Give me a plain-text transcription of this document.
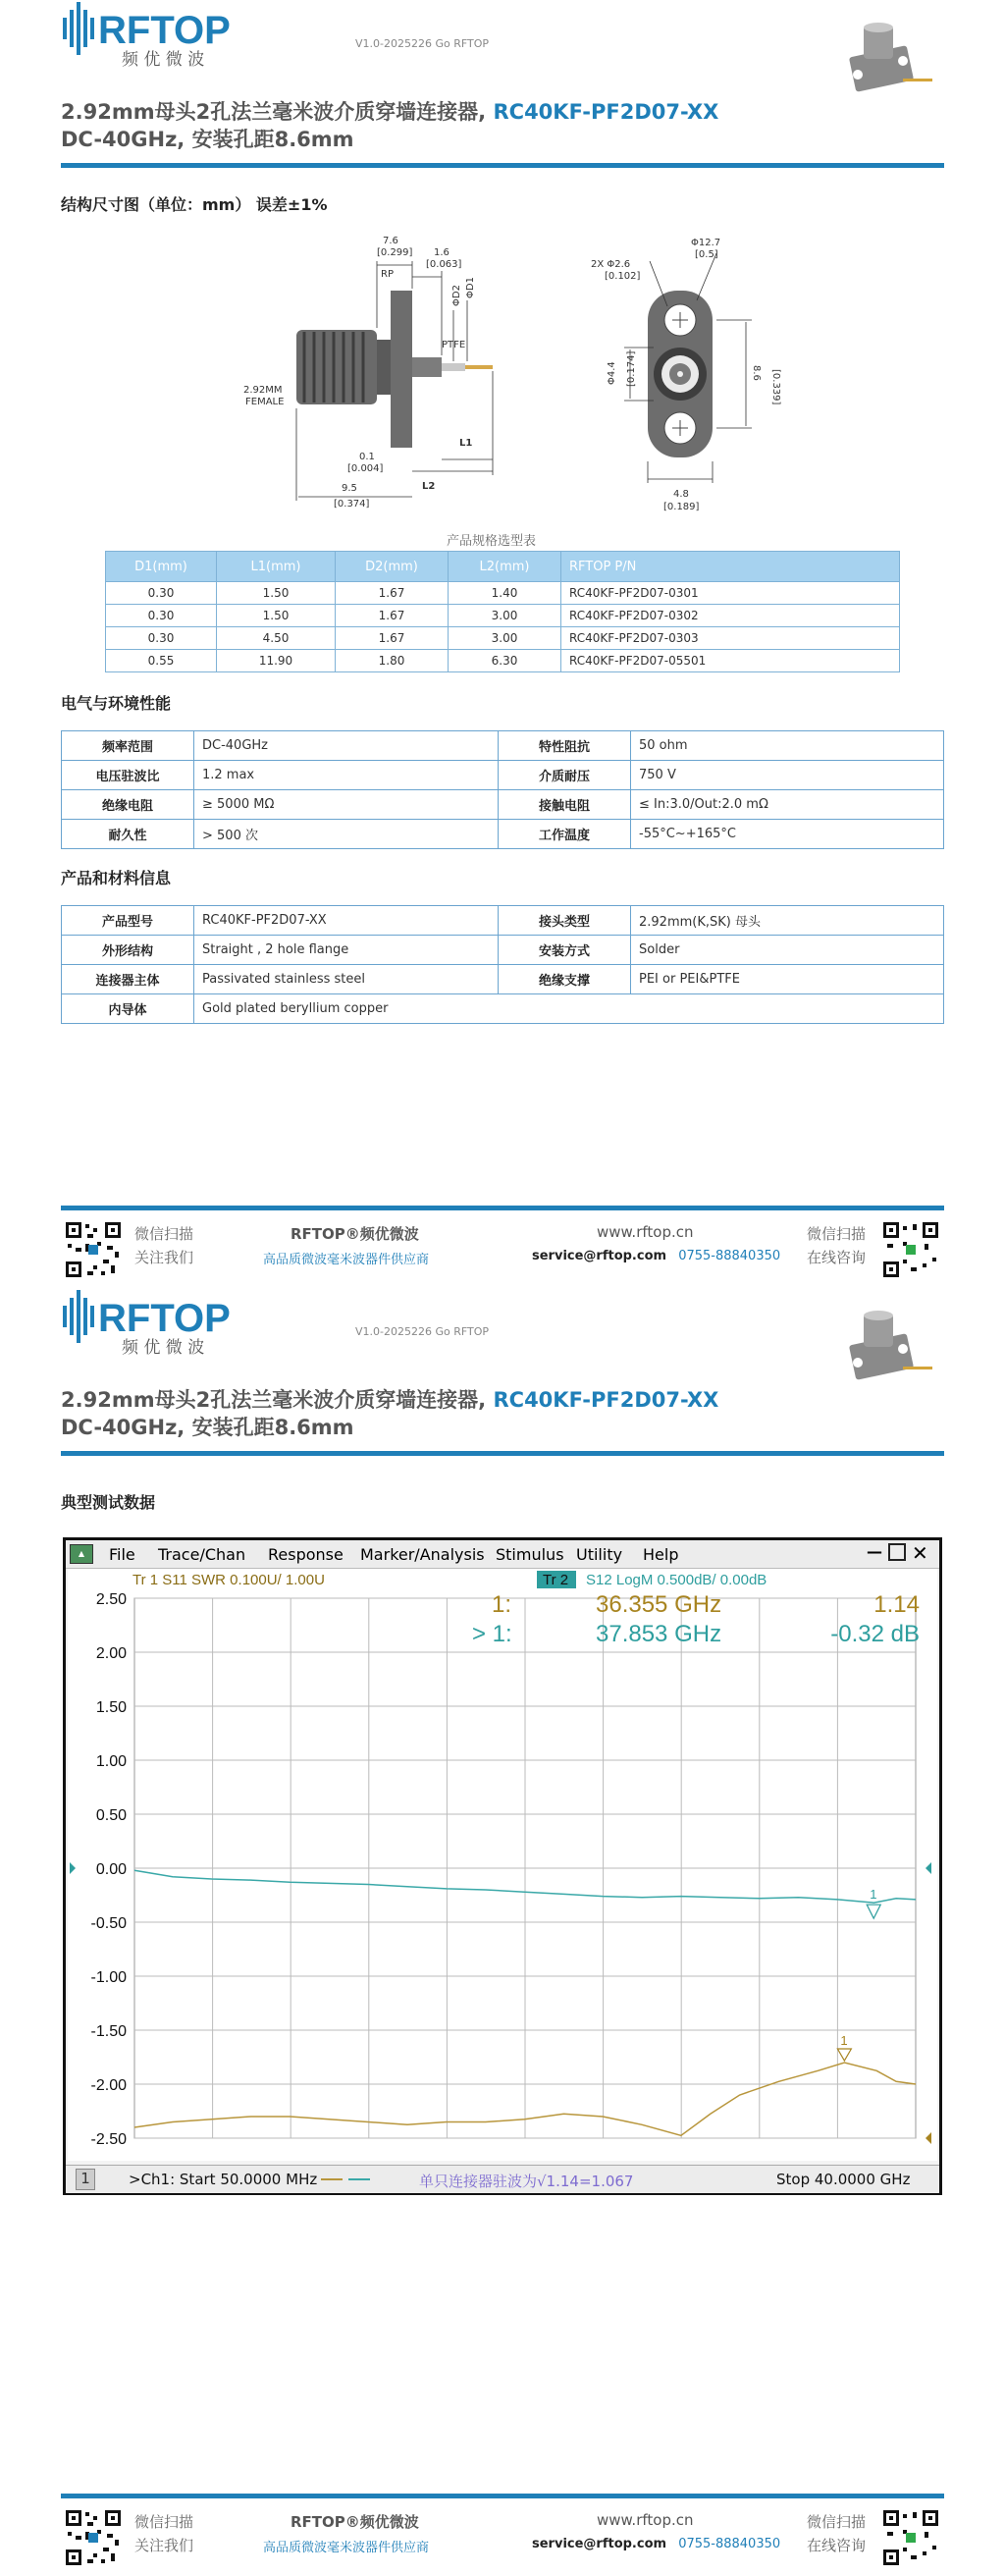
RFTOP
频 优 微 波
V1.0-2025226 Go RFTOP
2.92mm母头2孔法兰毫米波介质穿墙连接器, RC40KF-PF2D07-XX
DC-40GHz, 安装孔距8.6mm
结构尺寸图（单位：mm） 误差±1%
7.6
[0.299]
RP
1.6
[0.063]
ΦD2 ΦD1
PTFE
2.92MM
FEMALE
L1
0.1
[0.004]
L2
9.5
[0.374]
2X Φ2.6
[0.102]
Φ12.7
[0.5]
Φ4.4 [0.174]	8.6 [0.339]
4.8
[0.189]
产品规格选型表
D1(mm)	L1(mm)	D2(mm)	L2(mm)	RFTOP P/N
0.30	1.50	1.67	1.40	RC40KF-PF2D07-0301
0.30	1.50	1.67	3.00	RC40KF-PF2D07-0302
0.30	4.50	1.67	3.00	RC40KF-PF2D07-0303
0.55	11.90	1.80	6.30	RC40KF-PF2D07-05501
电气与环境性能
频率范围	DC-40GHz	特性阻抗	50 ohm
电压驻波比	1.2 max	介质耐压	750 V
绝缘电阻	≥ 5000 MΩ	接触电阻	≤ In:3.0/Out:2.0 mΩ
耐久性	> 500 次	工作温度	-55°C~+165°C
产品和材料信息
产品型号	RC40KF-PF2D07-XX	接头类型	2.92mm(K,SK) 母头
外形结构	Straight , 2 hole flange	安装方式	Solder
连接器主体	Passivated stainless steel	绝缘支撑	PEI or PEI&PTFE
内导体	Gold plated beryllium copper		
微信扫描
关注我们
RFTOP®频优微波
高品质微波毫米波器件供应商
www.rftop.cn
service@rftop.com 0755-88840350
微信扫描
在线咨询
RFTOP
频 优 微 波
V1.0-2025226 Go RFTOP
2.92mm母头2孔法兰毫米波介质穿墙连接器, RC40KF-PF2D07-XX
DC-40GHz, 安装孔距8.6mm
典型测试数据
微信扫描
关注我们
RFTOP®频优微波
高品质微波毫米波器件供应商
www.rftop.cn
service@rftop.com 0755-88840350
微信扫描
在线咨询
▲	File Trace/Chan Response Marker/Analysis Stimulus Utility Help	— ✕
Tr 1 S11 SWR 0.100U/ 1.00U	Tr 2 S12 LogM 0.500dB/ 0.00dB
2.50
2.00
1.50
1.00
0.50
0.00
-0.50
-1.00
-1.50
-2.00
-2.50
1:	36.355 GHz	1.14
> 1:	37.853 GHz	-0.32 dB
1
1
1	>Ch1: Start 50.0000 MHz	单只连接器驻波为√1.14=1.067	Stop 40.0000 GHz
